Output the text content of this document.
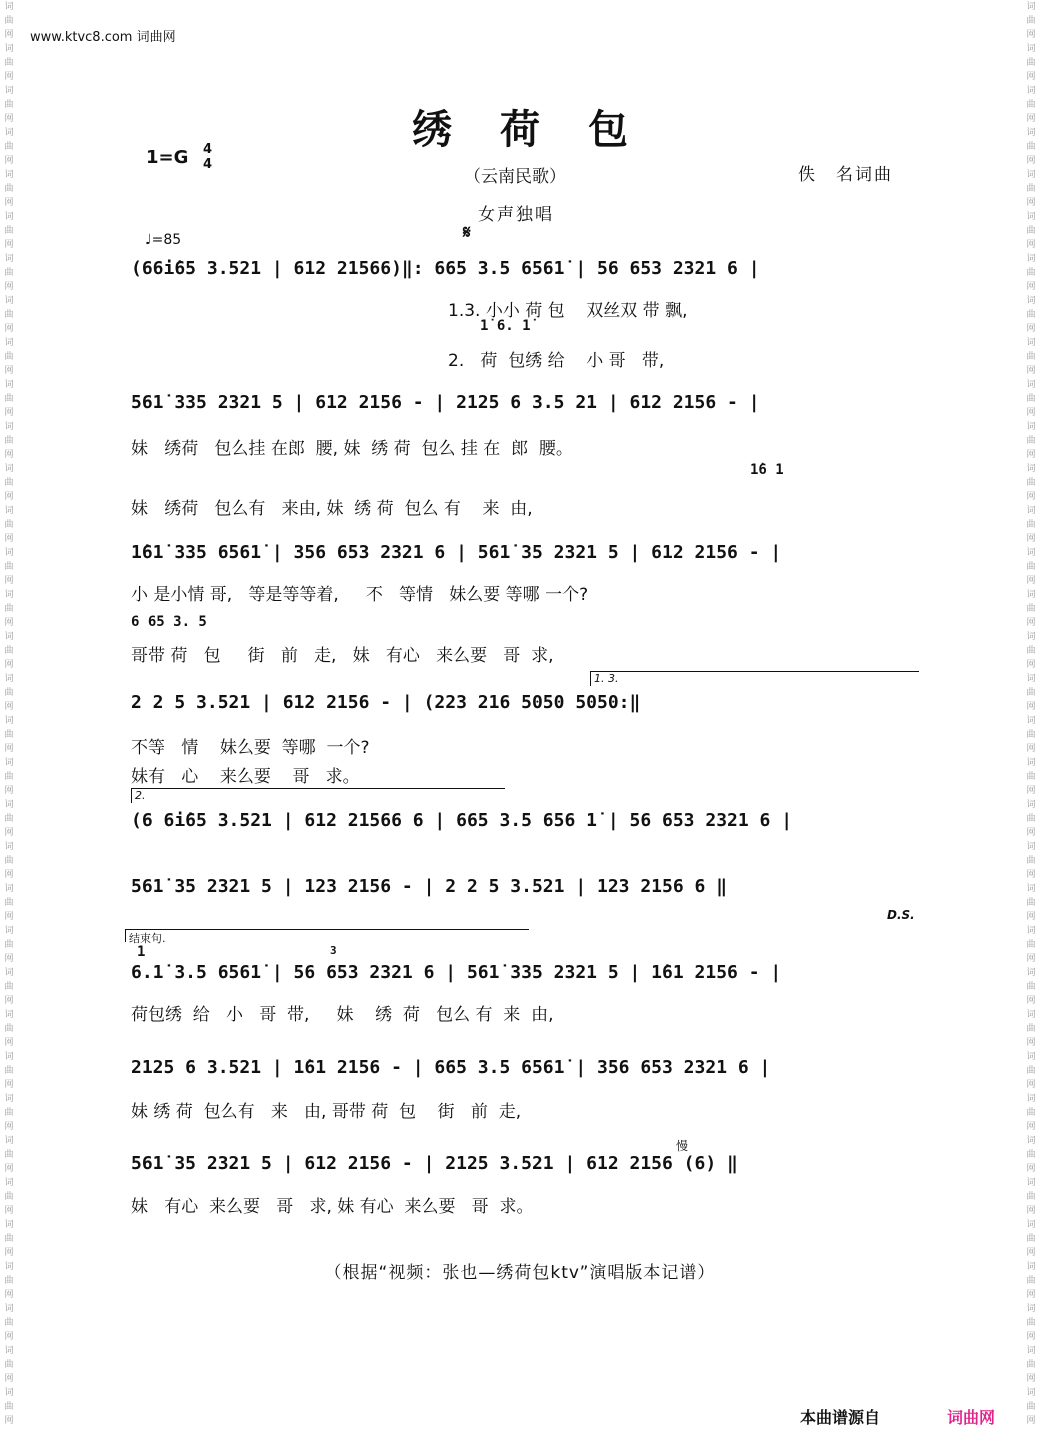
词曲网词曲网词曲网词曲网词曲网词曲网词曲网词曲网词曲网词曲网词曲网词曲网词曲网词曲网词曲网词曲网词曲网词曲网词曲网词曲网词曲网词曲网词曲网词曲网词曲网词曲网词曲网词曲网词曲网词曲网词曲网词曲网词曲网词曲网
词曲网词曲网词曲网词曲网词曲网词曲网词曲网词曲网词曲网词曲网词曲网词曲网词曲网词曲网词曲网词曲网词曲网词曲网词曲网词曲网词曲网词曲网词曲网词曲网词曲网词曲网词曲网词曲网词曲网词曲网词曲网词曲网词曲网词曲网
www.ktvc8.com 词曲网
绣荷包
1=G 4
4
（云南民歌）	佚　名词曲
女声独唱
♩=85	𝄋
(66i̇65 3.521 | 612 21566)‖: 665 3.5 6561̇ | 56 653 2321 6 |
1.3. 小小 荷 包    双丝双 带 飘,
1̇ 6. 1̇
2.   荷  包绣 给    小 哥   带,
561̇ 335 2321 5 | 612 2156 - | 2125 6 3.5 21 | 612 2156 - |
妹   绣荷   包么挂 在郎  腰, 妹  绣 荷  包么 挂 在  郎  腰。
1̇6 1
妹   绣荷   包么有   来由, 妹  绣 荷  包么 有    来  由,
1̇61̇ 335 6561̇ | 356 653 2321 6 | 561̇ 35 2321 5 | 612 2156 - |
小 是小情 哥,   等是等等着,     不   等情   妹么要 等哪 一个?
6 65 3. 5
哥带 荷   包     街   前   走,   妹   有心   来么要   哥  求,
1. 3.
2 2 5 3.521 | 612 2156 - | (223 216 5050 5050:‖
不等   情    妹么要  等哪  一个?
妹有   心    来么要    哥   求。
2.
(6 6i̇65 3.521 | 612 21566 6 | 665 3.5 656 1̇ | 56 653 2321 6 |
561̇ 35 2321 5 | 123 2156 - | 2 2 5 3.521 | 123 2156 6 ‖
D.S.
结束句.
1	3
6.1̇ 3.5 6561̇ | 56 653 2321 6 | 561̇ 335 2321 5 | 1̇61 2156 - |
荷包绣  给   小   哥  带,     妹    绣  荷   包么 有  来  由,
2125 6 3.521 | 1̇61 2156 - | 665 3.5 6561̇ | 356 653 2321 6 |
妹 绣 荷  包么有   来   由, 哥带 荷  包    街   前  走,
慢
561̇ 35 2321 5 | 612 2156 - | 2125 3.521 | 612 2156 (6) ‖
妹   有心  来么要   哥   求, 妹 有心  来么要   哥  求。
（根据“视频：张也—绣荷包ktv”演唱版本记谱）
本曲谱源自	词曲网
